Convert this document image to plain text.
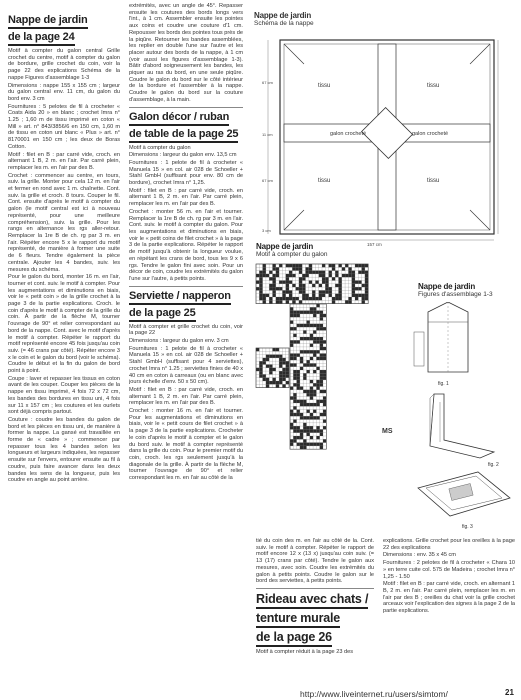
Nappe de jardin
de la page 24

Motif à compter du galon central Grille crochet du centre, motif à compter du galon de bordure, grille crochet du coin, voir la page 22 des explications Schéma de la nappe Figures d'assemblage 1-3

Dimensions : nappe 155 x 155 cm ; largeur du galon central env. 11 cm, du galon du bord env. 3 cm

Fournitures : 5 pelotes de fil à crocheter « Coats Aida 20 » en blanc ; crochet Imra n° 1.25 ; 1,60 m de tissu imprimé en coton « Mill » art. n° 843/3856/6 en 150 cm, 1,60 m de tissu en coton uni blanc « Plus » art. n° 8170001 en 150 cm ; les deux de Boras Cotton.

Motif : filet en B : par carré vide, croch. en alternant 1 B, 2 m. en l'air. Par carré plein, remplacer les m. en l'air par des B.

Crochet : commencer au centre, en tours, suiv. la grille. Monter pour cela 12 m. en l'air et fermer en rond avec 1 m. chaînette. Cont. suiv. la grille et croch. 8 tours. Couper le fil. Cont. ensuite d'après le motif à compter du galon (le motif central est ici à nouveau représenté, pour une meilleure compréhension), suiv. la grille. Pour les rangs en alternance les rgs aller-retour. Remplacer la 1re B de ch. rg par 3 m. en l'air. Répéter encore 5 x le rapport du motif représenté, de manière à former une suite de 6 fleurs. Tendre également la pièce centrale. Ajouter les 4 bandes, suiv. les mesures du schéma.

Pour le galon du bord, monter 16 m. en l'air, tourner et cont. suiv. le motif à compter. Pour les augmentations et diminutions en biais, voir le « petit coin » de la grille crochet à la page 3 de la partie explications. Croch. le coin d'après le motif à compter de la grille du coin. À partir de la flèche M, tourner l'ouvrage de 90° et relier correspondant au bord de la nappe. Cont. avec le motif d'après le motif à compter. Répéter le rapport du motif représenté encore 45 fois jusqu'au coin suiv. (= 46 crans par côté). Répéter encore 3 x le coin et le galon du bord (voir le schéma). Coudre le début et la fin du galon de bord point à point.

Coupe : laver et repasser les tissus en coton avant de les couper. Couper les pièces de la nappe en tissu imprimé, 4 fois 72 x 72 cm, les bandes des bordures en tissu uni, 4 fois sur 11 x 157 cm ; les coutures et les ourlets sont déjà compris partout.

Couture : coudre les bandes du galon de bord et les pièces en tissu uni, de manière à former la nappe. La gansé est travaillée en forme de « cadre » ; commencer par repasser tous les 4 bandes selon les longueurs et largeurs indiquées, les repasser ensuite sur l'envers, entourer ensuite au fil à coudre, puis faire avancer dans les deux bandes les sens de la longueur, puis les coudre en angle au point arrière.

extrémités, avec un angle de 45°. Repasser ensuite les coutures des bords longs vers l'int., à 1 cm. Assembler ensuite les pointes aux coins et coudre une couture d'1 cm. Repousser les bords des pointes tous près de la piqûre. Retourner les bandes assemblées, les replier en double l'une sur l'autre et les placer autour des bords de la nappe, à 1 cm (voir aussi les figures d'assemblage 1-3). Bâtir d'abord soigneusement les bandes, les piquer au ras du bord, en une seule piqûre. Coudre le galon du bord sur le côté intérieur de la bordure et l'assembler à la nappe. Coudre le galon du bord sur la couture d'assemblage, à la main.

Galon décor / ruban
de table de la page 25

Motif à compter du galon

Dimensions : largeur du galon env. 13,5 cm

Fournitures : 1 pelote de fil à crocheter « Manuela 15 » en col. air 028 de Schoeller + Stahl GmbH (suffisant pour env. 80 cm de bordure), crochet Imra n° 1,25.

Motif : filet en B : par carré vide, croch. en alternant 1 B, 2 m. en l'air. Par carré plein, remplacer les m. en l'air par des B.

Crochet : monter 56 m. en l'air et tourner. Remplacer la 1re B de ch. rg par 3 m. en l'air. Cont. suiv. le motif à compter du galon. Pour les augmentations et diminutions en biais, voir le « petit coins de filet crochet » à la page 3 de la partie explications. Répéter le rapport de motif jusqu'à obtenir la longueur voulue, en répétant les crans de bord, tous les 9 x 6 rgs. Tendre le galon fini avec soin. Pour un décor de coin, coudre les extrémités du galon l'une sur l'autre, à petits points.

Serviette / napperon
de la page 25

Motif à compter et grille crochet du coin, voir la page 22

Dimensions : largeur du galon env. 3 cm

Fournitures : 1 pelote de fil à crocheter « Manuela 15 » en col. air 028 de Schoeller + Stahl GmbH (suffisant pour 4 serviettes), crochet Imra n° 1.25 ; serviettes finies de 40 x 40 cm en coton à carreaux (ou en blanc avec jours échelle d'env. 50 x 50 cm).

Motif : filet en B : par carré vide, croch. en alternant 1 B, 2 m. en l'air. Par carré plein, remplacer les m. en l'air par des B.

Crochet : monter 16 m. en l'air et tourner. Pour les augmentations et diminutions en biais, voir le « petit cours de filet crochet » à la page 3 de la partie explications. Crocheter le coin d'après le motif à compter et le galon du bord suiv. le motif à compter représenté dans la grille du coin. Pour le premier motif du coin, croch. les rgs seulement jusqu'à la diagonale de la grille. À partir de la flèche M, tourner l'ouvrage de 90° et relier correspondant les m. en l'air au côté de la

Nappe de jardin
Schéma de la nappe
tissu	tissu
tissu	tissu
galon crocheté	galon crocheté
67 cm
11 cm
67 cm
3 cm
157 cm
Nappe de jardin
Motif à compter du galon
MS
Nappe de jardin
Figures d'assemblage 1-3
fig. 1
fig. 2
fig. 3

tié du coin des m. en l'air au côté de la. Cont. suiv. le motif à compter. Répéter le rapport de motif encore 12 x (13 x) jusqu'au coin suiv. (= 13 (17) crans par côté). Tendre le galon aux mesures, avec soin. Coudre les extrémités du galon à petits points. Coudre le galon sur le bord des serviettes, à petits points.

Rideau avec chats /
tenture murale
de la page 26

Motif à compter réduit à la page 23 des

explications. Grille crochet pour les oreilles à la page 22 des explications

Dimensions : env. 35 x 45 cm

Fournitures : 2 pelotes de fil à crocheter « Chara 10 » en terre cuite col. 575 de Madeira ; crochet Imra n° 1,25 - 1.50

Motif : filet en B : par carré vide, croch. en alternant 1 B, 2 m. en l'air. Par carré plein, remplacer les m. en l'air par des B ; oreilles du chat voir la grille crochet arceaux voir l'explication des signes à la page 2 de la partie explications.

http://www.liveinternet.ru/users/simtom/	21
